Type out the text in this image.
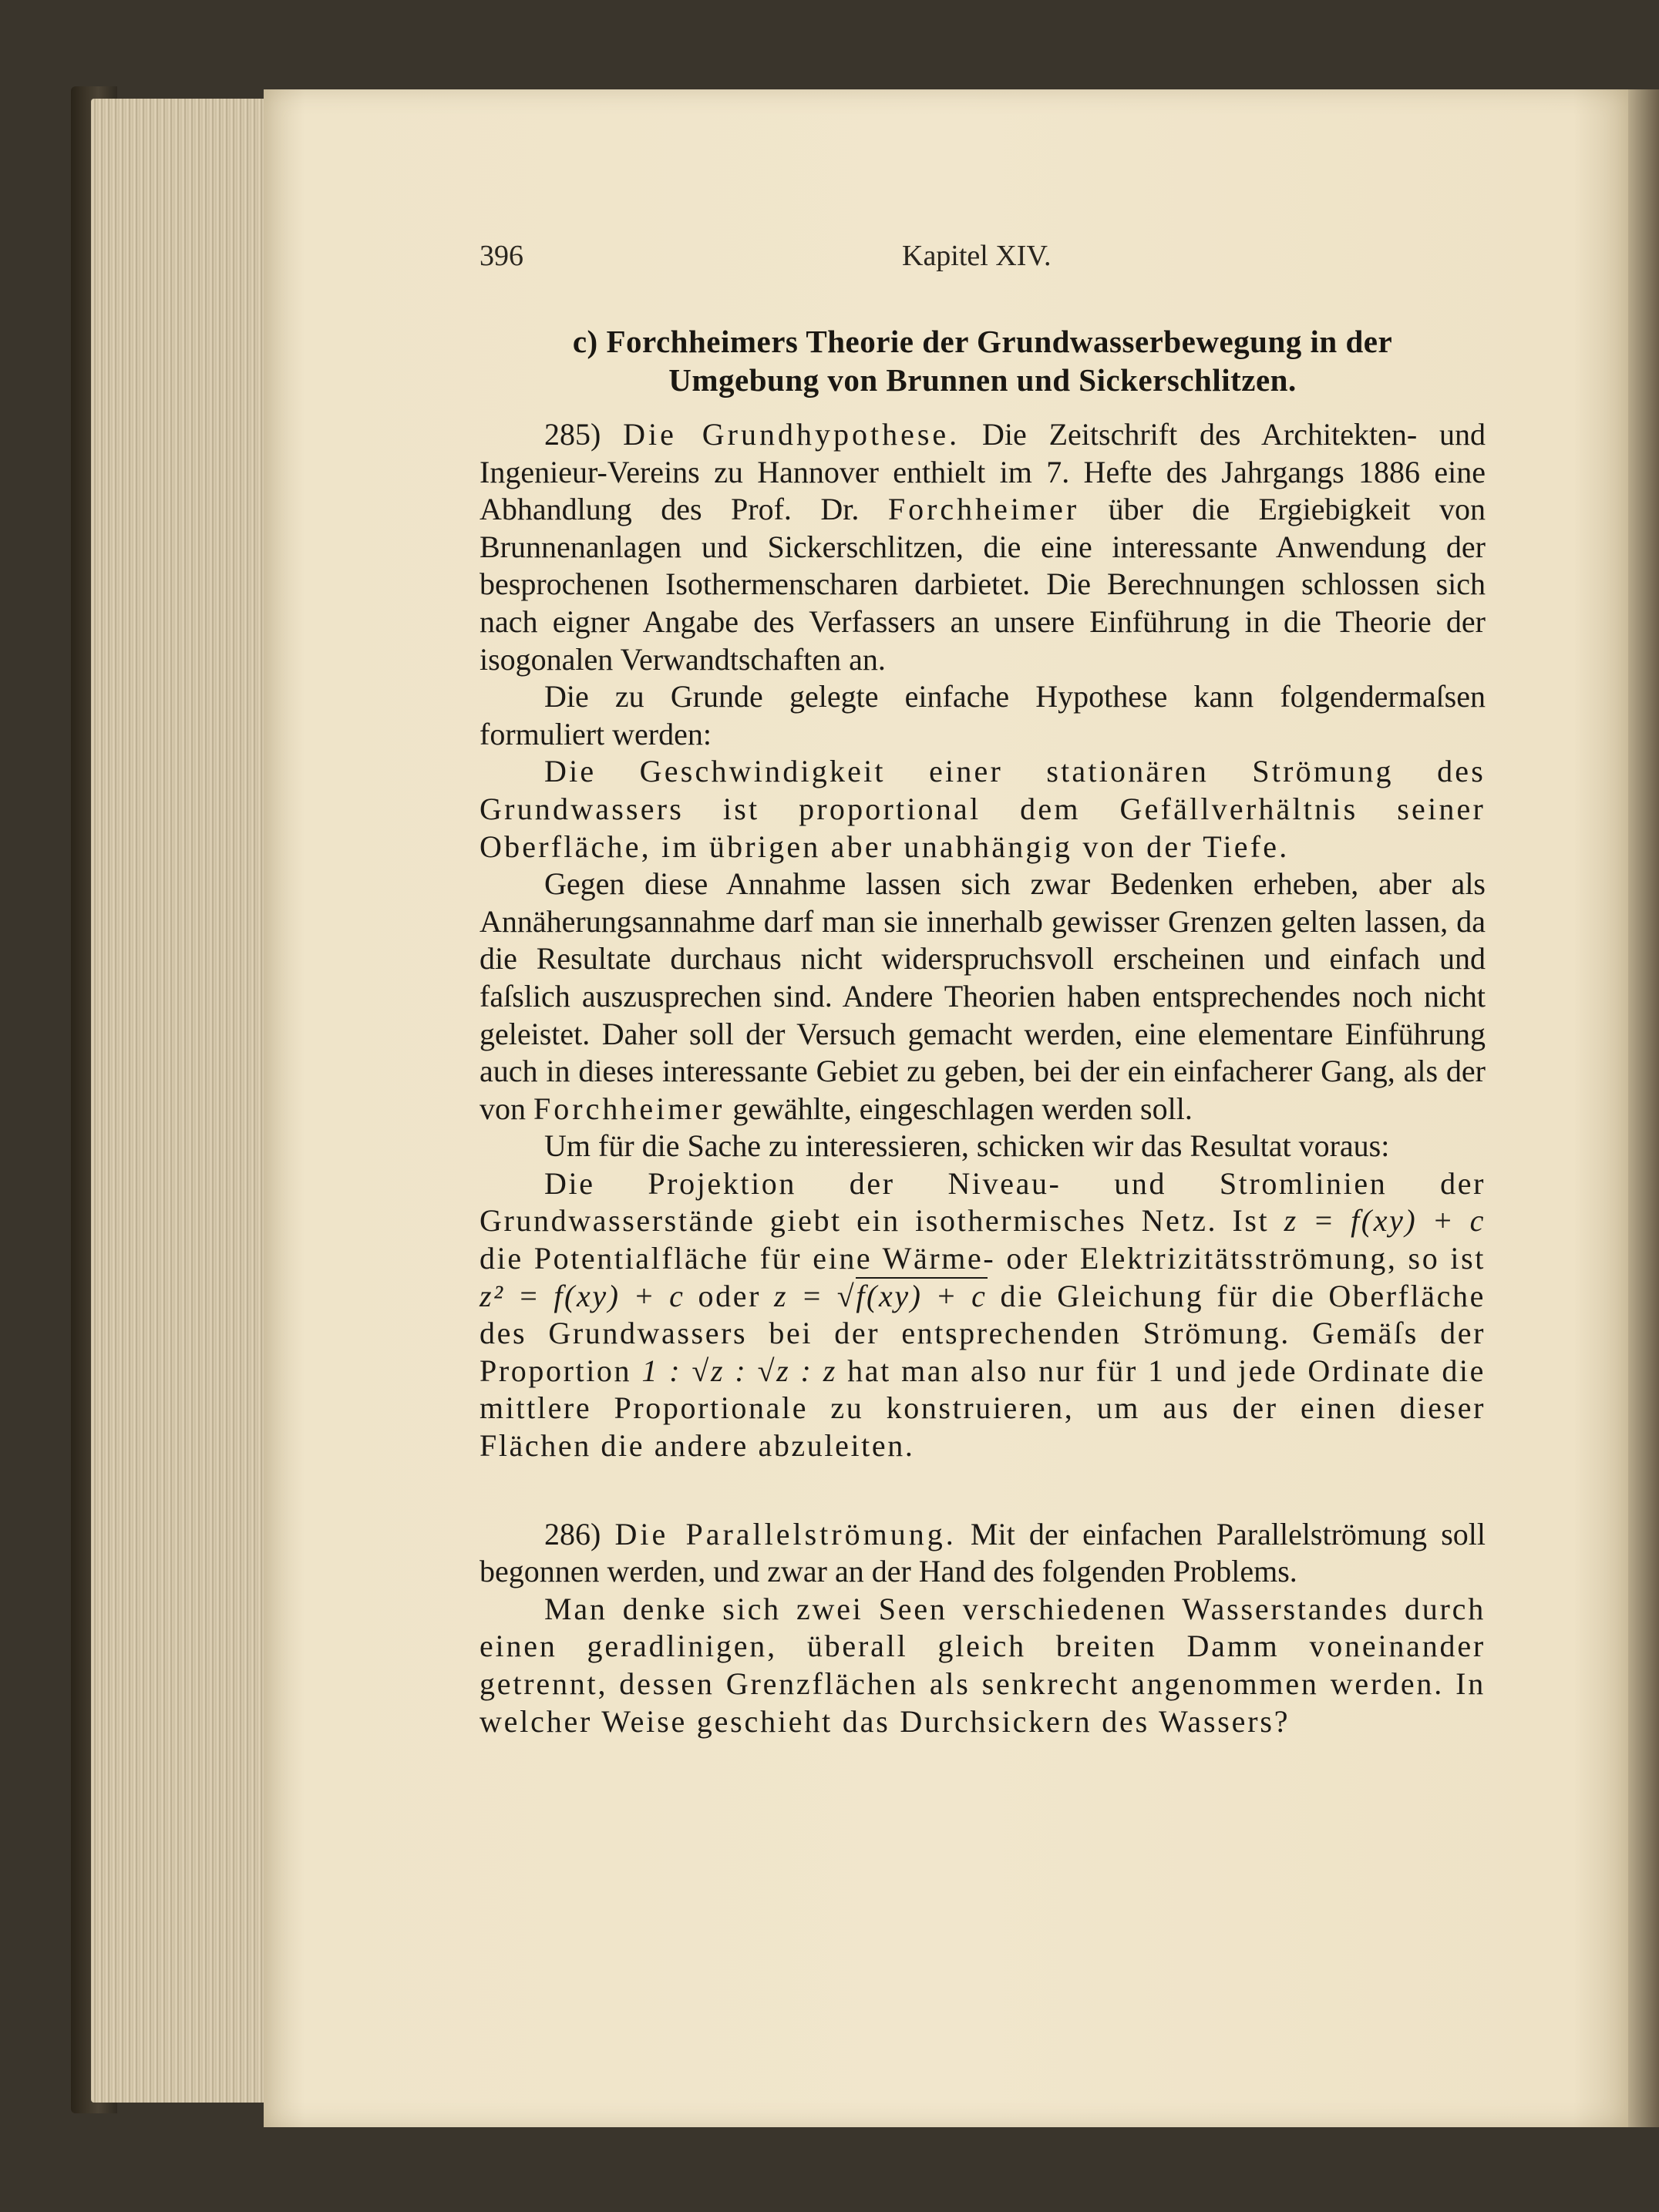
396	Kapitel XIV.
c) Forchheimers Theorie der Grundwasserbewegung in der
Umgebung von Brunnen und Sickerschlitzen.

285) Die Grundhypothese. Die Zeitschrift des Architekten- und Ingenieur-Vereins zu Hannover enthielt im 7. Hefte des Jahrgangs 1886 eine Abhandlung des Prof. Dr. Forchheimer über die Ergiebigkeit von Brunnenanlagen und Sickerschlitzen, die eine interessante Anwendung der besprochenen Isothermenscharen darbietet. Die Berechnungen schlossen sich nach eigner Angabe des Verfassers an unsere Einführung in die Theorie der isogonalen Verwandtschaften an.

Die zu Grunde gelegte einfache Hypothese kann folgendermaſsen formuliert werden:

Die Geschwindigkeit einer stationären Strömung des Grundwassers ist proportional dem Gefällverhältnis seiner Oberfläche, im übrigen aber unabhängig von der Tiefe.

Gegen diese Annahme lassen sich zwar Bedenken erheben, aber als Annäherungsannahme darf man sie innerhalb gewisser Grenzen gelten lassen, da die Resultate durchaus nicht widerspruchsvoll erscheinen und einfach und faſslich auszusprechen sind. Andere Theorien haben entsprechendes noch nicht geleistet. Daher soll der Versuch gemacht werden, eine elementare Einführung auch in dieses interessante Gebiet zu geben, bei der ein einfacherer Gang, als der von Forchheimer gewählte, eingeschlagen werden soll.

Um für die Sache zu interessieren, schicken wir das Resultat voraus:

Die Projektion der Niveau- und Stromlinien der Grundwasserstände giebt ein isothermisches Netz. Ist z = f(xy) + c die Potentialfläche für eine Wärme- oder Elektrizitätsströmung, so ist z² = f(xy) + c oder z = √f(xy) + c die Gleichung für die Oberfläche des Grundwassers bei der entsprechenden Strömung. Gemäſs der Proportion 1 : √z : √z : z hat man also nur für 1 und jede Ordinate die mittlere Proportionale zu konstruieren, um aus der einen dieser Flächen die andere abzuleiten.

286) Die Parallelströmung. Mit der einfachen Parallelströmung soll begonnen werden, und zwar an der Hand des folgenden Problems.

Man denke sich zwei Seen verschiedenen Wasserstandes durch einen geradlinigen, überall gleich breiten Damm voneinander getrennt, dessen Grenzflächen als senkrecht angenommen werden. In welcher Weise geschieht das Durchsickern des Wassers?
